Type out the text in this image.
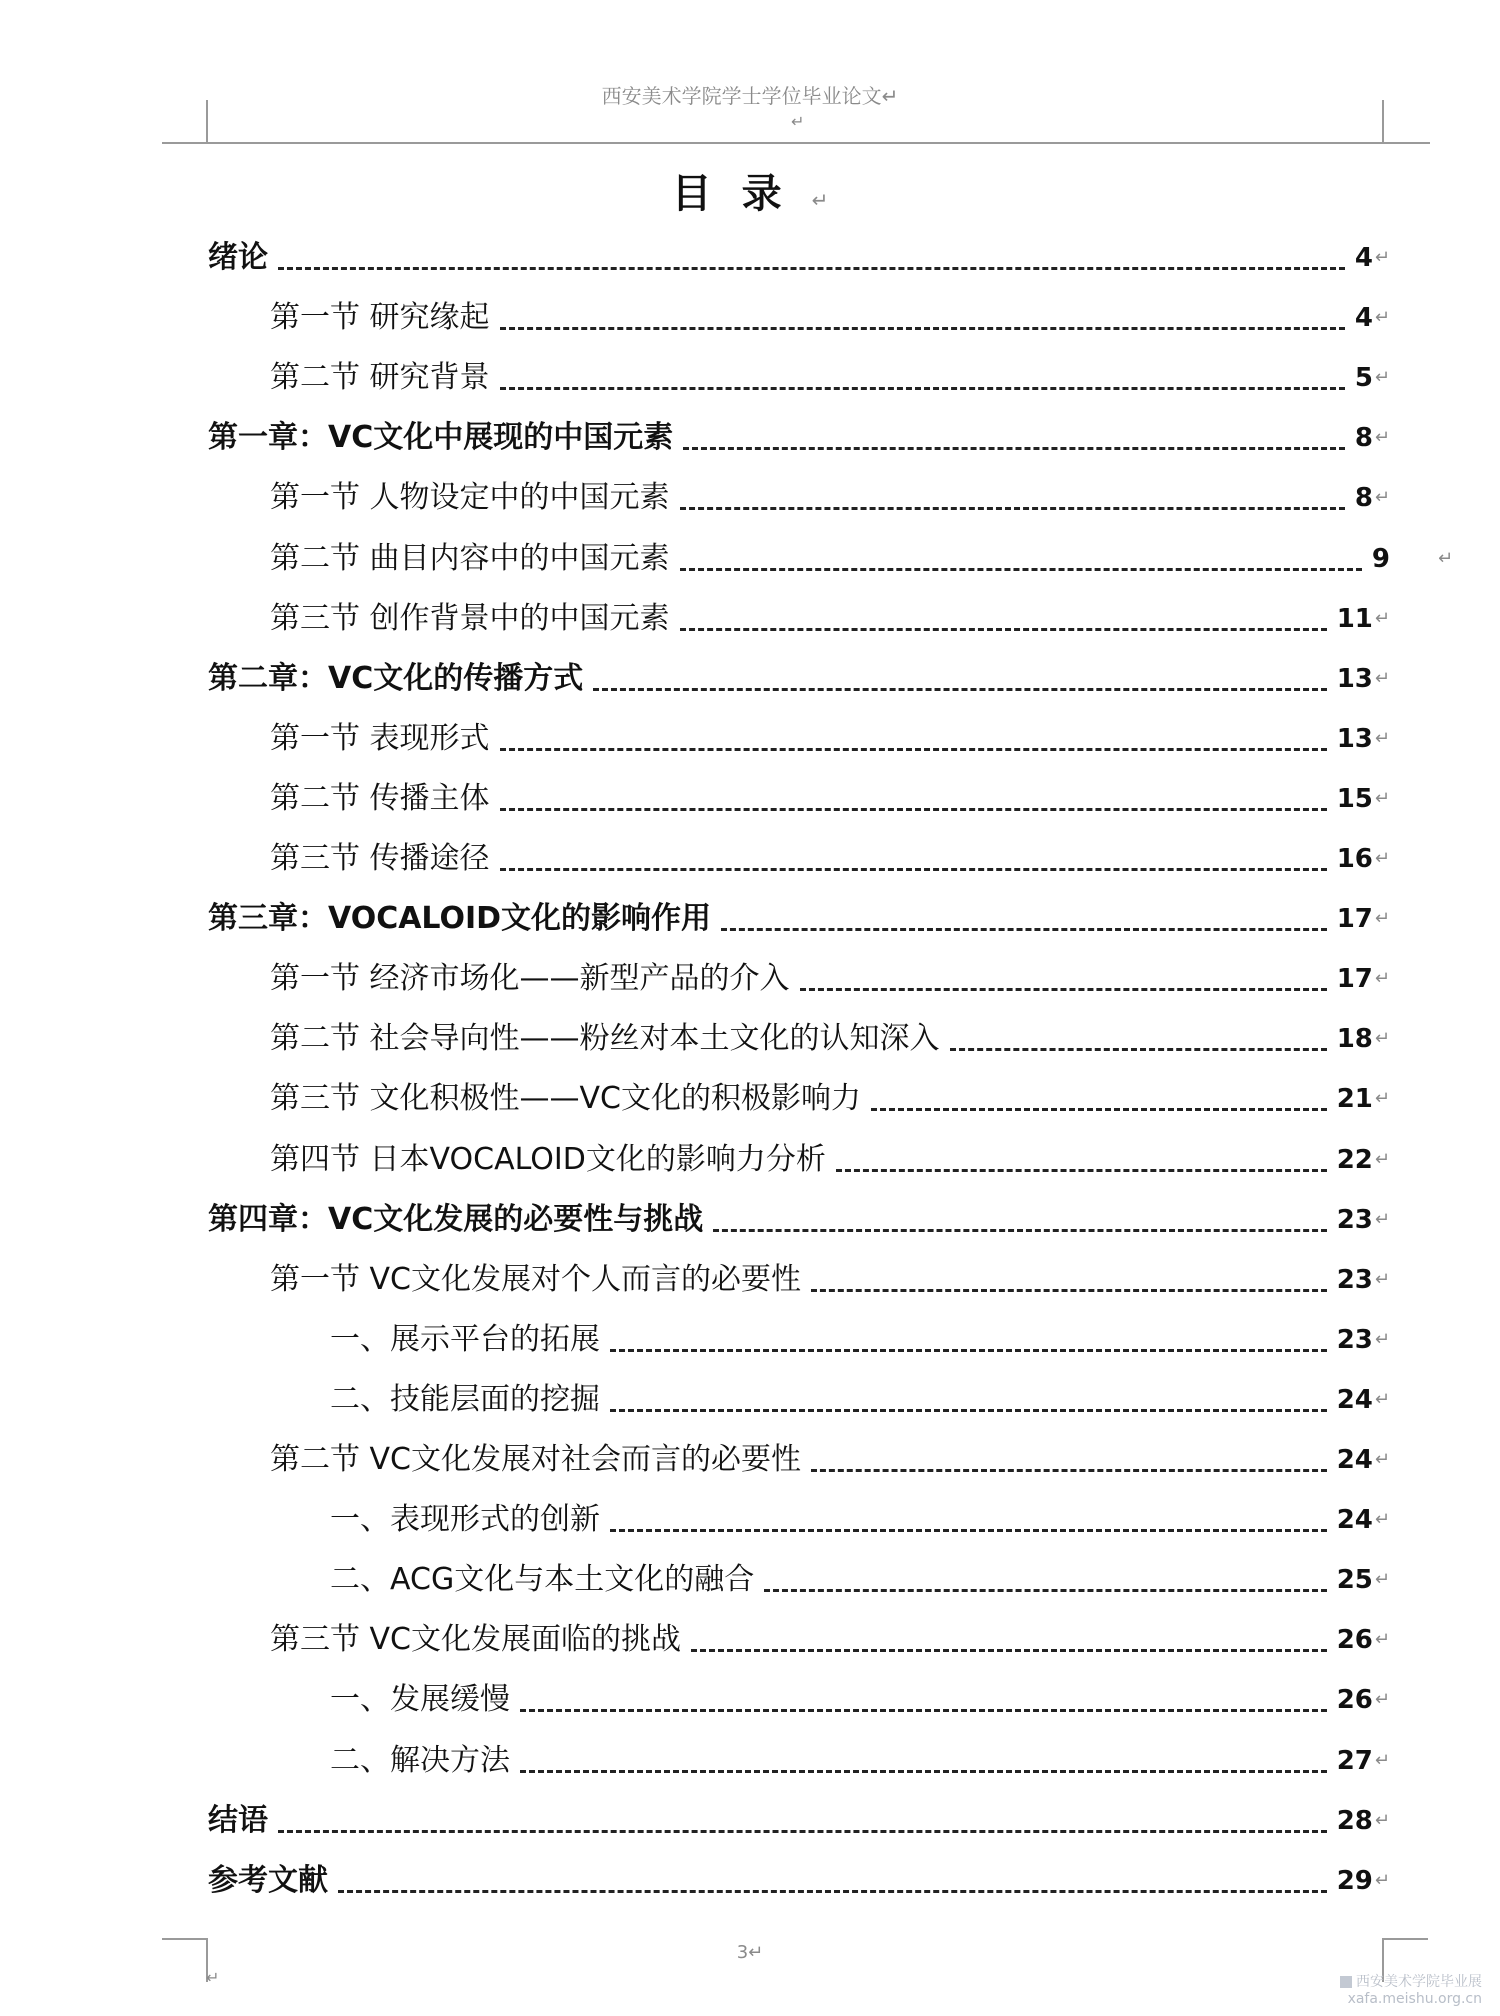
西安美术学院学士学位毕业论文↵
↵
目录↵
绪论	4 ↵
第一节 研究缘起	4 ↵
第二节 研究背景	5 ↵
第一章：VC文化中展现的中国元素	8 ↵
第一节 人物设定中的中国元素	8 ↵
第二节 曲目内容中的中国元素	9
第三节 创作背景中的中国元素	11 ↵
第二章：VC文化的传播方式	13 ↵
第一节 表现形式	13 ↵
第二节 传播主体	15 ↵
第三节 传播途径	16 ↵
第三章：VOCALOID文化的影响作用	17 ↵
第一节 经济市场化——新型产品的介入	17 ↵
第二节 社会导向性——粉丝对本土文化的认知深入	18 ↵
第三节 文化积极性——VC文化的积极影响力	21 ↵
第四节 日本VOCALOID文化的影响力分析	22 ↵
第四章：VC文化发展的必要性与挑战	23 ↵
第一节 VC文化发展对个人而言的必要性	23 ↵
一、展示平台的拓展	23 ↵
二、技能层面的挖掘	24 ↵
第二节 VC文化发展对社会而言的必要性	24 ↵
一、表现形式的创新	24 ↵
二、ACG文化与本土文化的融合	25 ↵
第三节 VC文化发展面临的挑战	26 ↵
一、发展缓慢	26 ↵
二、解决方法	27 ↵
结语	28 ↵
参考文献	29 ↵
↵
3↵
↵	西安美术学院毕业展
xafa.meishu.org.cn
